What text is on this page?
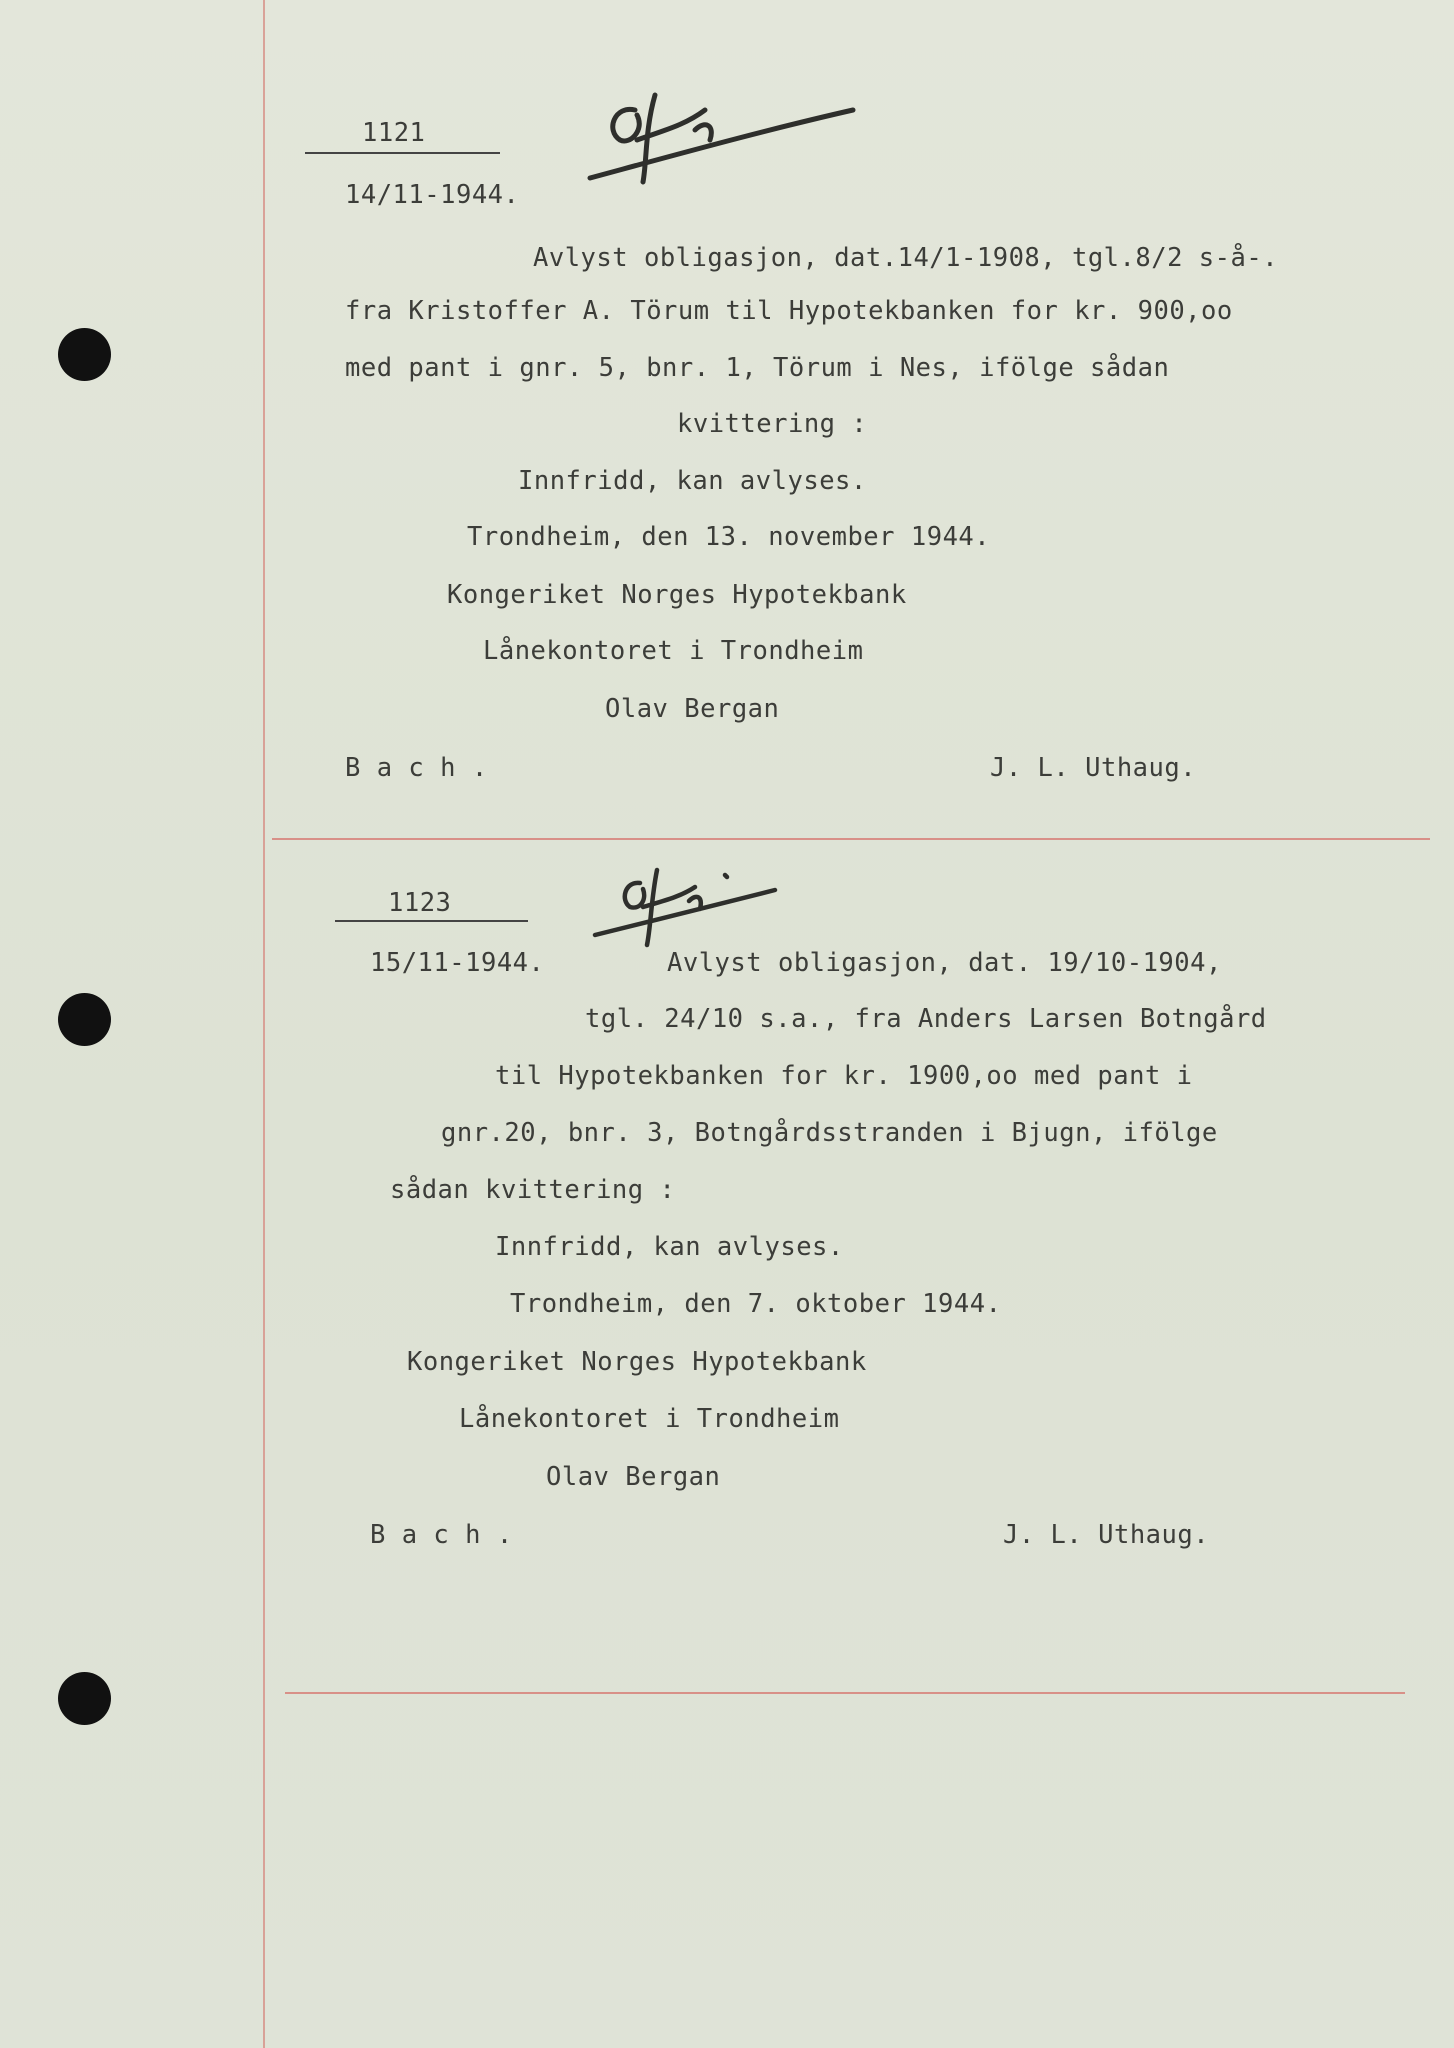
1121
14/11-1944.
Avlyst obligasjon, dat.14/1-1908, tgl.8/2 s-å-.
fra Kristoffer A. Törum til Hypotekbanken for kr. 900,oo
med pant i gnr. 5, bnr. 1, Törum i Nes, ifölge sådan
kvittering :
Innfridd, kan avlyses.
Trondheim, den 13. november 1944.
Kongeriket Norges Hypotekbank
Lånekontoret i Trondheim
Olav Bergan
B a c h .	J. L. Uthaug.
1123
15/11-1944.	Avlyst obligasjon, dat. 19/10-1904,
tgl. 24/10 s.a., fra Anders Larsen Botngård
til Hypotekbanken for kr. 1900,oo med pant i
gnr.20, bnr. 3, Botngårdsstranden i Bjugn, ifölge
sådan kvittering :
Innfridd, kan avlyses.
Trondheim, den 7. oktober 1944.
Kongeriket Norges Hypotekbank
Lånekontoret i Trondheim
Olav Bergan
B a c h .	J. L. Uthaug.
